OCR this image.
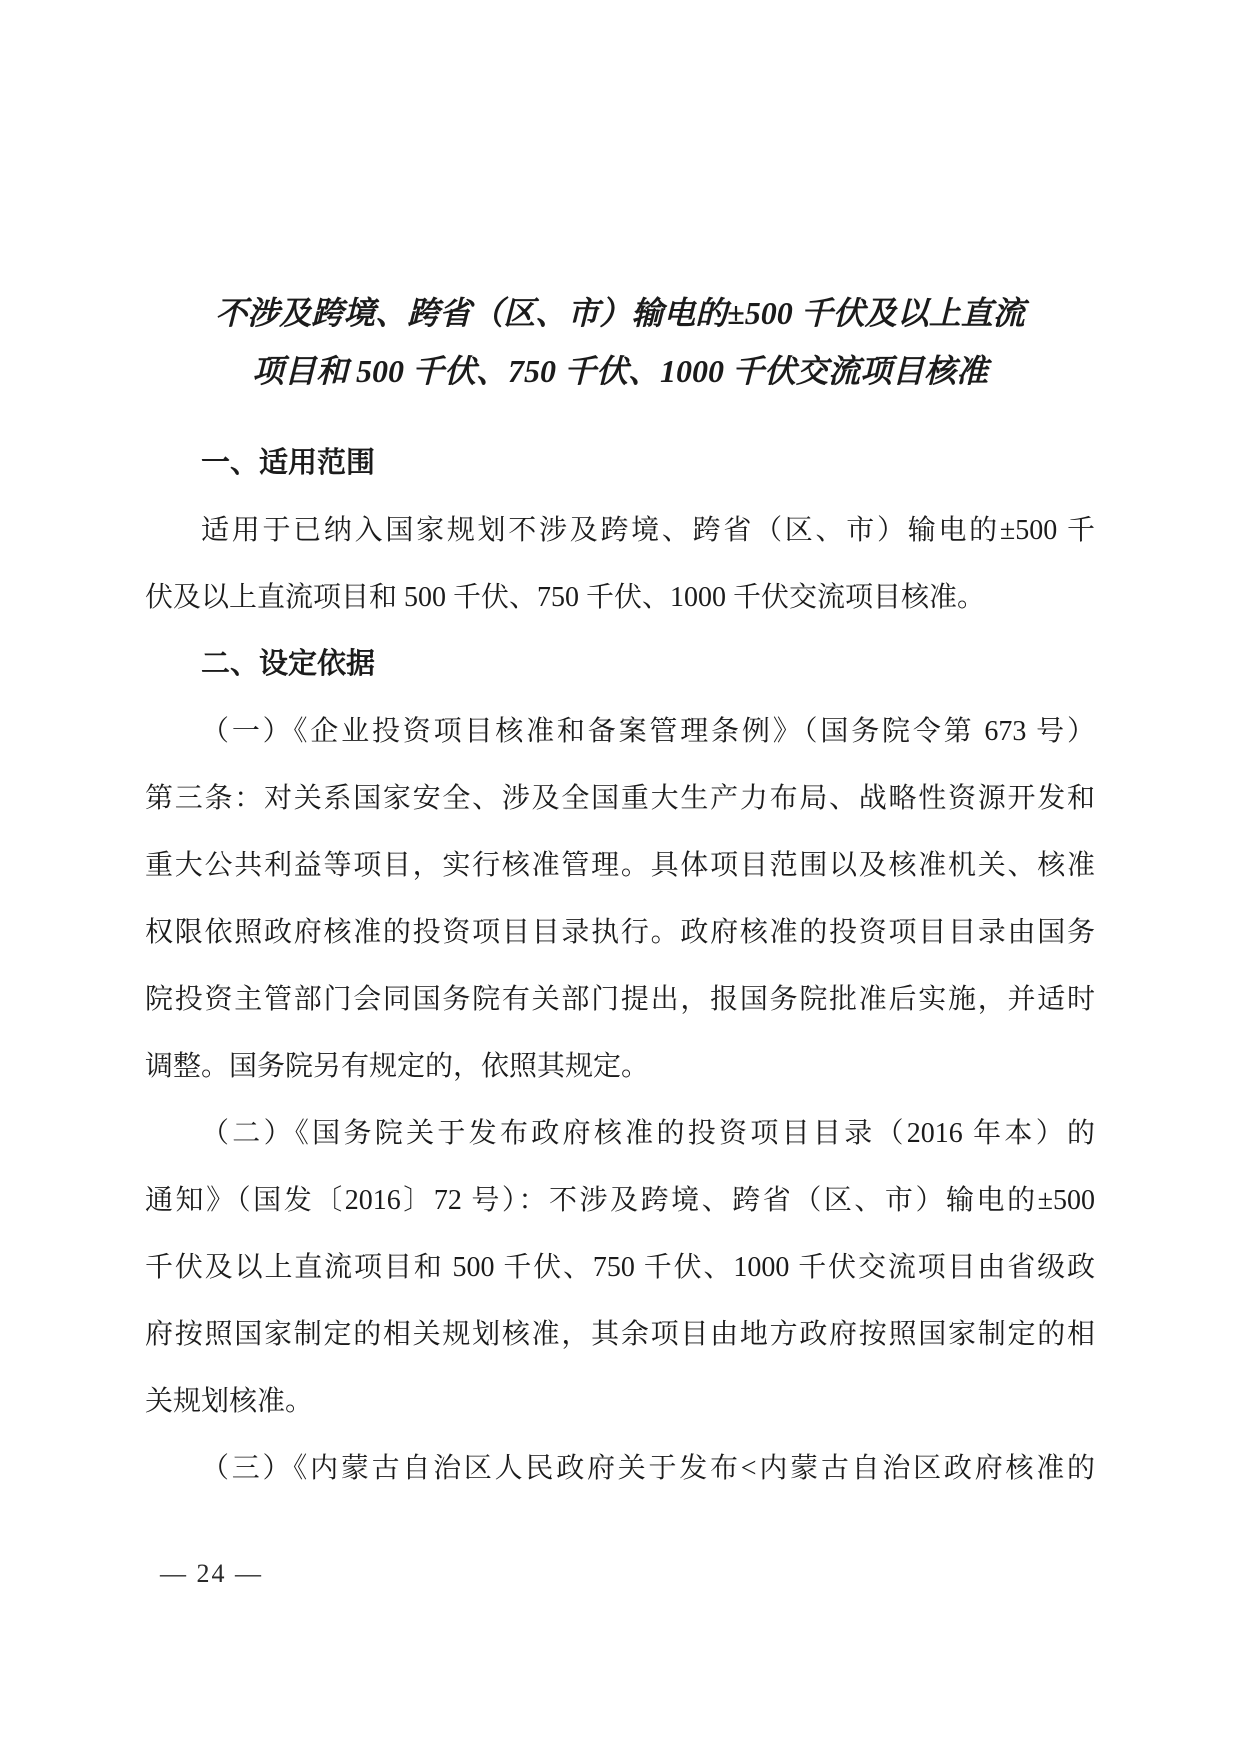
不涉及跨境、跨省（区、市）输电的±500 千伏及以上直流
项目和 500 千伏、750 千伏、1000 千伏交流项目核准
一、适用范围
适用于已纳入国家规划不涉及跨境、跨省（区、市）输电的±500 千
伏及以上直流项目和 500 千伏、750 千伏、1000 千伏交流项目核准。
二、设定依据
（一）《企业投资项目核准和备案管理条例》（国务院令第 673 号）
第三条：对关系国家安全、涉及全国重大生产力布局、战略性资源开发和
重大公共利益等项目，实行核准管理。具体项目范围以及核准机关、核准
权限依照政府核准的投资项目目录执行。政府核准的投资项目目录由国务
院投资主管部门会同国务院有关部门提出，报国务院批准后实施，并适时
调整。国务院另有规定的，依照其规定。
（二）《国务院关于发布政府核准的投资项目目录（2016 年本）的
通知》（国发〔2016〕72 号）：不涉及跨境、跨省（区、市）输电的±500
千伏及以上直流项目和 500 千伏、750 千伏、1000 千伏交流项目由省级政
府按照国家制定的相关规划核准，其余项目由地方政府按照国家制定的相
关规划核准。
（三）《内蒙古自治区人民政府关于发布<内蒙古自治区政府核准的
— 24 —
